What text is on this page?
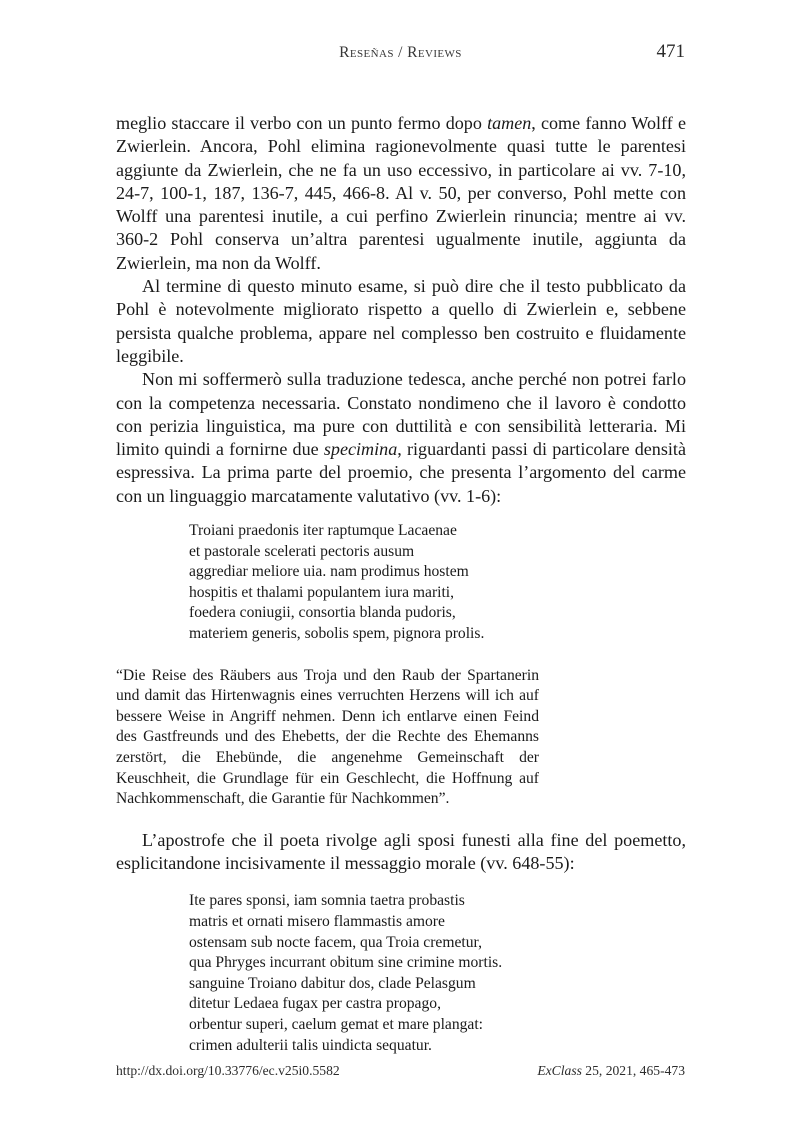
Reseñas / Reviews	471

meglio staccare il verbo con un punto fermo dopo tamen, come fanno Wolff e Zwierlein. Ancora, Pohl elimina ragionevolmente quasi tutte le parentesi aggiunte da Zwierlein, che ne fa un uso eccessivo, in particolare ai vv. 7-10, 24-7, 100-1, 187, 136-7, 445, 466-8. Al v. 50, per converso, Pohl mette con Wolff una parentesi inutile, a cui perfino Zwierlein rinuncia; mentre ai vv. 360-2 Pohl conserva un’altra parentesi ugualmente inutile, aggiunta da Zwierlein, ma non da Wolff.

Al termine di questo minuto esame, si può dire che il testo pubblicato da Pohl è notevolmente migliorato rispetto a quello di Zwierlein e, sebbene persista qualche problema, appare nel complesso ben costruito e fluidamente leggibile.

Non mi soffermerò sulla traduzione tedesca, anche perché non potrei farlo con la competenza necessaria. Constato nondimeno che il lavoro è condotto con perizia linguistica, ma pure con duttilità e con sensibilità letteraria. Mi limito quindi a fornirne due specimina, riguardanti passi di particolare densità espressiva. La prima parte del proemio, che presenta l’argomento del carme con un linguaggio marcatamente valutativo (vv. 1-6):

Troiani praedonis iter raptumque Lacaenae
et pastorale scelerati pectoris ausum
aggrediar meliore uia. nam prodimus hostem
hospitis et thalami populantem iura mariti,
foedera coniugii, consortia blanda pudoris,
materiem generis, sobolis spem, pignora prolis.

“Die Reise des Räubers aus Troja und den Raub der Spartanerin und damit das Hirtenwagnis eines verruchten Herzens will ich auf bessere Weise in Angriff nehmen. Denn ich entlarve einen Feind des Gastfreunds und des Ehebetts, der die Rechte des Ehemanns zerstört, die Ehebünde, die angenehme Gemeinschaft der Keuschheit, die Grundlage für ein Geschlecht, die Hoffnung auf Nachkommenschaft, die Garantie für Nachkommen”.

L’apostrofe che il poeta rivolge agli sposi funesti alla fine del poemetto, esplicitandone incisivamente il messaggio morale (vv. 648-55):

Ite pares sponsi, iam somnia taetra probastis
matris et ornati misero flammastis amore
ostensam sub nocte facem, qua Troia cremetur,
qua Phryges incurrant obitum sine crimine mortis.
sanguine Troiano dabitur dos, clade Pelasgum
ditetur Ledaea fugax per castra propago,
orbentur superi, caelum gemat et mare plangat:
crimen adulterii talis uindicta sequatur.
http://dx.doi.org/10.33776/ec.v25i0.5582	ExClass 25, 2021, 465-473
